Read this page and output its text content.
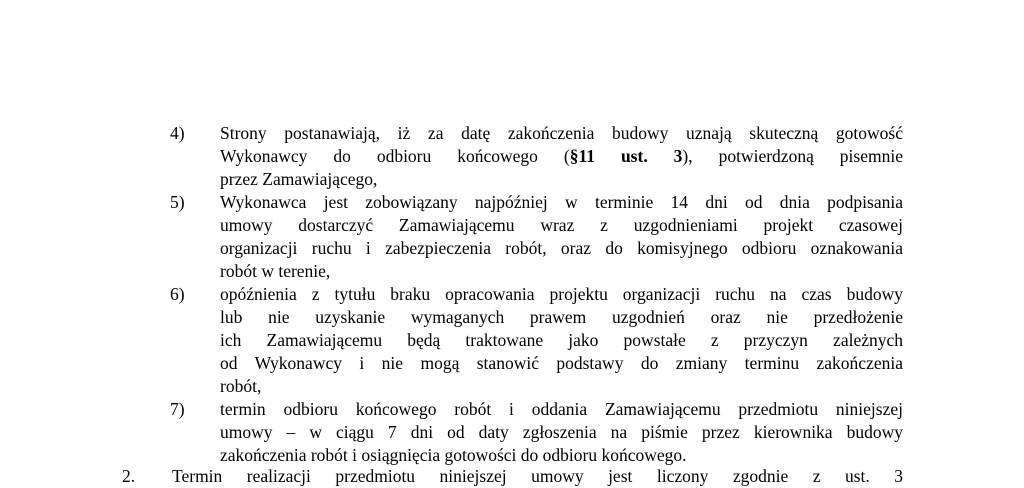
4) Strony postanawiają, iż za datę zakończenia budowy uznają skuteczną gotowość
Wykonawcy do odbioru końcowego (§11 ust. 3), potwierdzoną pisemnie
przez Zamawiającego,
5) Wykonawca jest zobowiązany najpóźniej w terminie 14 dni od dnia podpisania
umowy dostarczyć Zamawiającemu wraz z uzgodnieniami projekt czasowej
organizacji ruchu i zabezpieczenia robót, oraz do komisyjnego odbioru oznakowania
robót w terenie,
6) opóźnienia z tytułu braku opracowania projektu organizacji ruchu na czas budowy
lub nie uzyskanie wymaganych prawem uzgodnień oraz nie przedłożenie
ich Zamawiającemu będą traktowane jako powstałe z przyczyn zależnych
od Wykonawcy i nie mogą stanowić podstawy do zmiany terminu zakończenia
robót,
7) termin odbioru końcowego robót i oddania Zamawiającemu przedmiotu niniejszej
umowy – w ciągu 7 dni od daty zgłoszenia na piśmie przez kierownika budowy
zakończenia robót i osiągnięcia gotowości do odbioru końcowego.
2. Termin realizacji przedmiotu niniejszej umowy jest liczony zgodnie z ust. 3
